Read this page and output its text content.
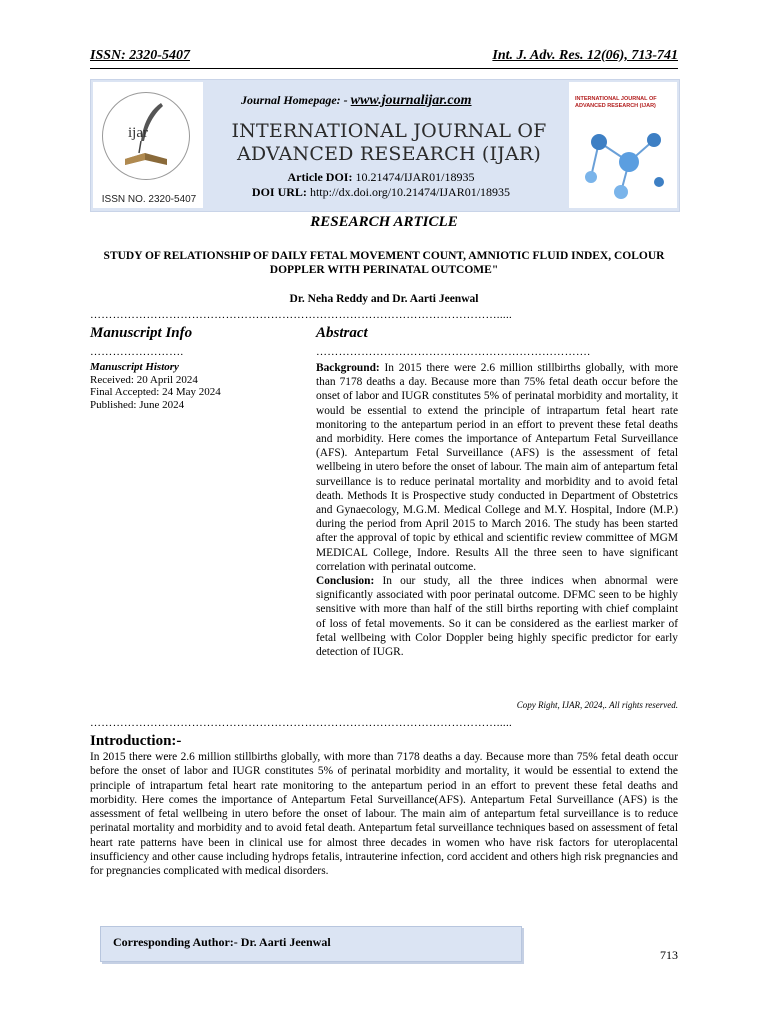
ISSN: 2320-5407	Int. J. Adv. Res. 12(06), 713-741
ijar
ISSN NO. 2320-5407
Journal Homepage: - www.journalijar.com
INTERNATIONAL JOURNAL OF
ADVANCED RESEARCH (IJAR)
Article DOI: 10.21474/IJAR01/18935
DOI URL: http://dx.doi.org/10.21474/IJAR01/18935
INTERNATIONAL JOURNAL OF ADVANCED RESEARCH (IJAR)
RESEARCH ARTICLE
STUDY OF RELATIONSHIP OF DAILY FETAL MOVEMENT COUNT, AMNIOTIC FLUID INDEX, COLOUR DOPPLER WITH PERINATAL OUTCOME"
Dr. Neha Reddy and Dr. Aarti Jeenwal
……………………………………………………………………………………………….....
Manuscript Info	Abstract
…………………….	……………………………………………………………….
Manuscript History
Received: 20 April 2024
Final Accepted: 24 May 2024
Published: June 2024

Background: In 2015 there were 2.6 million stillbirths globally, with more than 7178 deaths a day. Because more than 75% fetal death occur before the onset of labor and IUGR constitutes 5% of perinatal morbidity and mortality, it would be essential to extend the principle of intrapartum fetal heart rate monitoring to the antepartum period in an effort to prevent these fetal deaths and morbidity. Here comes the importance of Antepartum Fetal Surveillance (AFS). Antepartum Fetal Surveillance (AFS) is the assessment of fetal wellbeing in utero before the onset of labour. The main aim of antepartum fetal surveillance is to reduce perinatal mortality and morbidity and to avoid fetal death. Methods It is Prospective study conducted in Department of Obstetrics and Gynaecology, M.G.M. Medical College and M.Y. Hospital, Indore (M.P.) during the period from April 2015 to March 2016. The study has been started after the approval of topic by ethical and scientific review committee of MGM MEDICAL College, Indore. Results All the three seen to have significant correlation with perinatal outcome.

Conclusion: In our study, all the three indices when abnormal were significantly associated with poor perinatal outcome. DFMC seen to be highly sensitive with more than half of the still births reporting with chief complaint of loss of fetal movements. So it can be considered as the earliest marker of fetal wellbeing with Color Doppler being highly specific predictor for early detection of IUGR.

Copy Right, IJAR, 2024,. All rights reserved.
……………………………………………………………………………………………….....
Introduction:-
In 2015 there were 2.6 million stillbirths globally, with more than 7178 deaths a day. Because more than 75% fetal death occur before the onset of labor and IUGR constitutes 5% of perinatal morbidity and mortality, it would be essential to extend the principle of intrapartum fetal heart rate monitoring to the antepartum period in an effort to prevent these fetal deaths and morbidity. Here comes the importance of Antepartum Fetal Surveillance(AFS). Antepartum Fetal Surveillance (AFS) is the assessment of fetal wellbeing in utero before the onset of labour. The main aim of antepartum fetal surveillance is to reduce perinatal mortality and morbidity and to avoid fetal death. Antepartum fetal surveillance techniques based on assessment of fetal heart rate patterns have been in clinical use for almost three decades in women who have risk factors for uteroplacental insufficiency and other cause including hydrops fetalis, intrauterine infection, cord accident and others high risk pregnancies and for pregnancies complicated with medical disorders.
Corresponding Author:- Dr. Aarti Jeenwal
713
